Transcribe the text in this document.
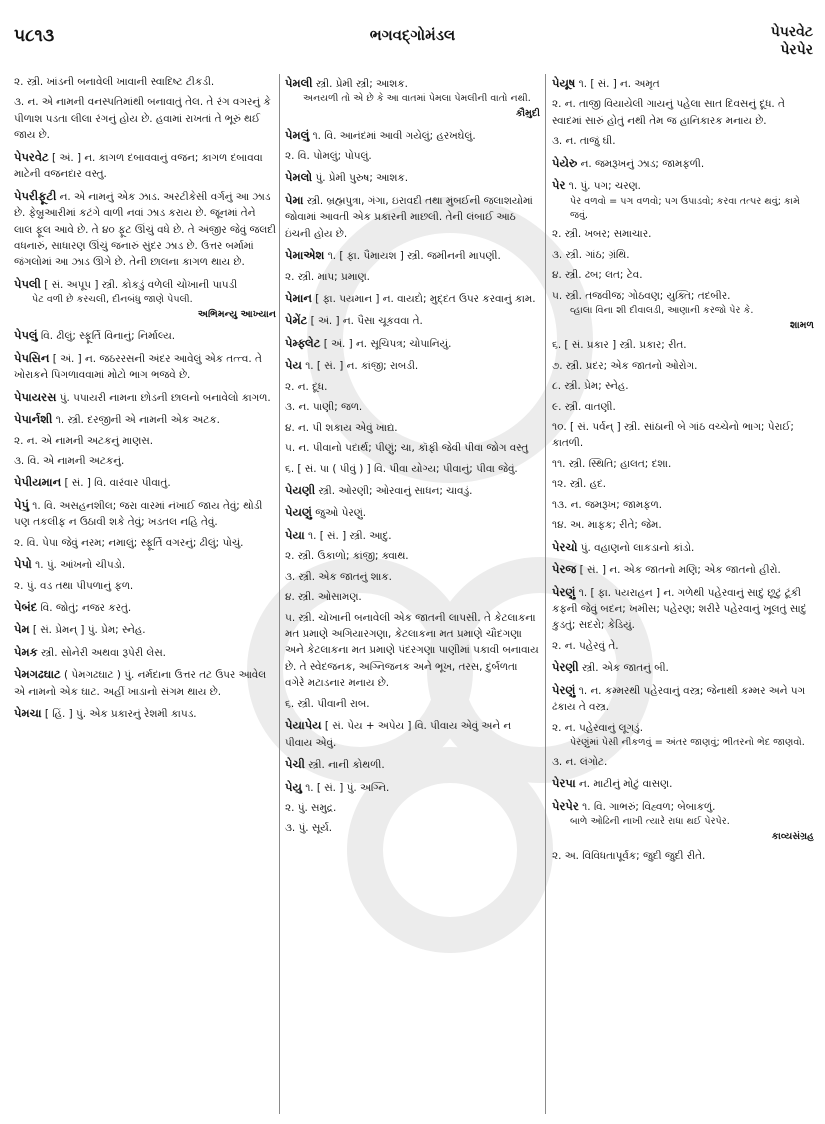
૫૮૧૩	ભગવદ્ગોમંડલ	પેપરવેટ
પેરપેર
૨. સ્ત્રી. ખાંડની બનાવેલી ખાવાની સ્વાદિષ્ટ ટીકડી.
૩. ન. એ નામની વનસ્પતિમાંથી બનાવાતું તેલ. તે રંગ વગરનું કે પીળાશ પડતા લીલા રંગનું હોય છે. હવામાં રાખતાં તે ભૂરું થઈ જાય છે.
પેપરવેટ [ અં. ] ન. કાગળ દબાવવાનું વજન; કાગળ દબાવવા માટેની વજનદાર વસ્તુ.
પેપરીફૂટી ન. એ નામનું એક ઝાડ. અરટીકેસી વર્ગનું આ ઝાડ છે. ફેબ્રુઆરીમાં કટંગે વાળી નવાં ઝાડ કરાય છે. જૂનમાં તેને લાલ ફૂલ આવે છે. તે ૪૦ ફૂટ ઊંચું વધે છે. તે અંજીર જેવું જલદી વધનારું, સાધારણ ઊંચું જનારું સુંદર ઝાડ છે. ઉત્તર બર્મામાં જંગલોમાં આ ઝાડ ઊગે છે. તેની છાલના કાગળ થાય છે.
પેપલી [ સં. અપૂપ ] સ્ત્રી. કોકડું વળેલી ચોખાની પાપડી
પેટ વળી છે કરચલી, દીનબંધુ જાણે પેપલી.
અભિમન્યુ આખ્યાન
પેપલું વિ. ઢીલું; સ્ફૂર્તિ વિનાનું; નિર્માલ્ય.
પેપસિન [ અં. ] ન. જઠરરસની અંદર આવેલું એક તત્ત્વ. તે ખોરાકને પિગળાવવામાં મોટો ભાગ ભજવે છે.
પેપાયરસ પું. પપાયરી નામના છોડની છાલનો બનાવેલો કાગળ.
પેપાર્નશી ૧. સ્ત્રી. દરજીની એ નામની એક અટક.
૨. ન. એ નામની અટકનું માણસ.
૩. વિ. એ નામની અટકનું.
પેપીયમાન [ સં. ] વિ. વારંવાર પીવાતું.
પેપું ૧. વિ. અસહનશીલ; જરા વારમાં નંખાઈ જાય તેવું; થોડી પણ તકલીફ ન ઉઠાવી શકે તેવું; ખડતલ નહિ તેવું.
૨. વિ. પેપા જેવું નરમ; નમાલું; સ્ફૂર્તિ વગરનું; ઢીલું; પોચું.
પેપો ૧. પું. આંખનો ચીપડો.
૨. પું. વડ તથા પીપળાનું ફળ.
પેબંદ વિ. જોતું; નજર કરતું.
પેમ [ સં. પ્રેમન્ ] પું. પ્રેમ; સ્નેહ.
પેમક સ્ત્રી. સોનેરી અથવા રૂપેરી લેસ.
પેમગઢઘાટ ( પેમગઢઘાટ ) પું. નર્મદાના ઉત્તર તટ ઉપર આવેલ એ નામનો એક ઘાટ. અહીં ખાડાનો સંગમ થાય છે.
પેમચા [ હિં. ] પું. એક પ્રકારનું રેશમી કાપડ.
પેમલી સ્ત્રી. પ્રેમી સ્ત્રી; આશક.
અનયળી તો એ છે કે આ વાતમાં પેમલા પેમલીની વાતો નથી.
કૌમુદી
પેમલું ૧. વિ. આનંદમાં આવી ગયેલું; હરખઘેલું.
૨. વિ. પોમલું; પોપલું.
પેમલો પું. પ્રેમી પુરુષ; આશક.
પેમા સ્ત્રી. બ્રહ્મપુત્રા, ગંગા, ઇરાવદી તથા મુંબઈની જલાશયોમાં જોવામાં આવતી એક પ્રકારની માછલી. તેની લંબાઈ આઠ ઇંચની હોય છે.
પેમાએશ ૧. [ ફા. પૈમાયશ ] સ્ત્રી. જમીનની માપણી.
૨. સ્ત્રી. માપ; પ્રમાણ.
પેમાન [ ફા. પયમાન ] ન. વાયદો; મુદ્દત ઉપર કરવાનું કામ.
પેમેંટ [ અં. ] ન. પૈસા ચૂકવવા તે.
પેમ્ફ્લેટ [ અં. ] ન. સૂચિપત્ર; ચોપાનિયું.
પેય ૧. [ સં. ] ન. કાંજી; રાબડી.
૨. ન. દૂધ.
૩. ન. પાણી; જળ.
૪. ન. પી શકાય એવું ખાદ્ય.
૫. ન. પીવાનો પદાર્થ; પીણું; ચા, કૉફી જેવી પીવા જોગ વસ્તુ
૬. [ સં. પા ( પીવું ) ] વિ. પીવા યોગ્ય; પીવાનું; પીવા જેવું.
પેયણી સ્ત્રી. ઓરણી; ઓરવાનું સાધન; ચાવડું.
પેયણું જુઓ પેરણું.
પેયા ૧. [ સં. ] સ્ત્રી. આદુ.
૨. સ્ત્રી. ઉકાળો; કાંજી; ક્વાથ.
૩. સ્ત્રી. એક જાતનું શાક.
૪. સ્ત્રી. ઓસામણ.
૫. સ્ત્રી. ચોખાની બનાવેલી એક જાતની લાપસી. તે કેટલાકના મત પ્રમાણે અગિયારગણા, કેટલાકના મત પ્રમાણે ચૌદગણા અને કેટલાકના મત પ્રમાણે પંદરગણા પાણીમાં પકાવી બનાવાય છે. તે સ્વેદજનક, અગ્નિજનક અને ભૂખ, તરસ, દુર્બળતા વગેરે મટાડનાર મનાય છે.
૬. સ્ત્રી. પીવાની રાબ.
પેયાપેય [ સં. પેય + અપેય ] વિ. પીવાય એવું અને ન પીવાય એવું.
પેચી સ્ત્રી. નાની કોથળી.
પેયુ ૧. [ સં. ] પું. અગ્નિ.
૨. પું. સમુદ્ર.
૩. પું. સૂર્ય.
પેયૂષ ૧. [ સં. ] ન. અમૃત
૨. ન. તાજી વિયાયેલી ગાયનું પહેલા સાત દિવસનું દૂધ. તે સ્વાદમાં સારું હોતું નથી તેમ જ હાનિકારક મનાય છે.
૩. ન. તાજું ઘી.
પેયેરુ ન. જમરૂખનું ઝાડ; જામફળી.
પેર ૧. પું. પગ; ચરણ.
પેર વળવો = પગ વળવો; પગ ઉપાડવો; કરવા તત્પર થવું; કામે જવું.
૨. સ્ત્રી. ખબર; સમાચાર.
૩. સ્ત્રી. ગાંઠ; ગ્રંથિ.
૪. સ્ત્રી. ઢબ; લત; ટેવ.
૫. સ્ત્રી. તજવીજ; ગોઠવણ; યુક્તિ; તદબીર.
વ્હાલા વિના શી દીવાલડી, આણાની કરજો પેર કે.
શામળ
૬. [ સં. પ્રકાર ] સ્ત્રી. પ્રકાર; રીત.
૭. સ્ત્રી. પ્રદર; એક જાતનો ઓરોગ.
૮. સ્ત્રી. પ્રેમ; સ્નેહ.
૯. સ્ત્રી. વાતણી.
૧૦. [ સં. પર્વન્ ] સ્ત્રી. સાંઠાની બે ગાંઠ વચ્ચેનો ભાગ; પેરાઈ; કાતળી.
૧૧. સ્ત્રી. સ્થિતિ; હાલત; દશા.
૧૨. સ્ત્રી. હદ.
૧૩. ન. જમરૂખ; જામફળ.
૧૪. અ. માફક; રીતે; જેમ.
પેરચો પું. વહાણનો લાકડાનો કાંડો.
પેરજ [ સં. ] ન. એક જાતનો મણિ; એક જાતનો હીરો.
પેરણું ૧. [ ફા. પયરાહન ] ન. ગળેથી પહેરવાનું સાદું છૂટું ટૂંકી કફની જેવું બદન; ખમીસ; પહેરણ; શરીરે પહેરવાનું ખૂલતું સાદું કુડતું; સદરો; કેડિયું.
૨. ન. પહેરવું તે.
પેરણી સ્ત્રી. એક જાતનું બી.
પેરણું ૧. ન. કમ્મરથી પહેરવાનું વસ્ત્ર; જેનાથી કમ્મર અને પગ ઢંકાય તે વસ્ત્ર.
૨. ન. પહેરવાનું લૂગડું.
પેરણુંમાં પેસી નીકળવું = અંતર જાણવું; ભીતરનો ભેદ જાણવો.
૩. ન. લંગોટ.
પેરપા ન. માટીનું મોટું વાસણ.
પેરપેર ૧. વિ. ગાભરું; વિહ્વળ; બેબાકળું.
બાળે ઓઢિની નાખી ત્યારે રાધા થઈ પેરપેર.
કાવ્યસંગ્રહ
૨. અ. વિવિધતાપૂર્વક; જુદી જુદી રીતે.
